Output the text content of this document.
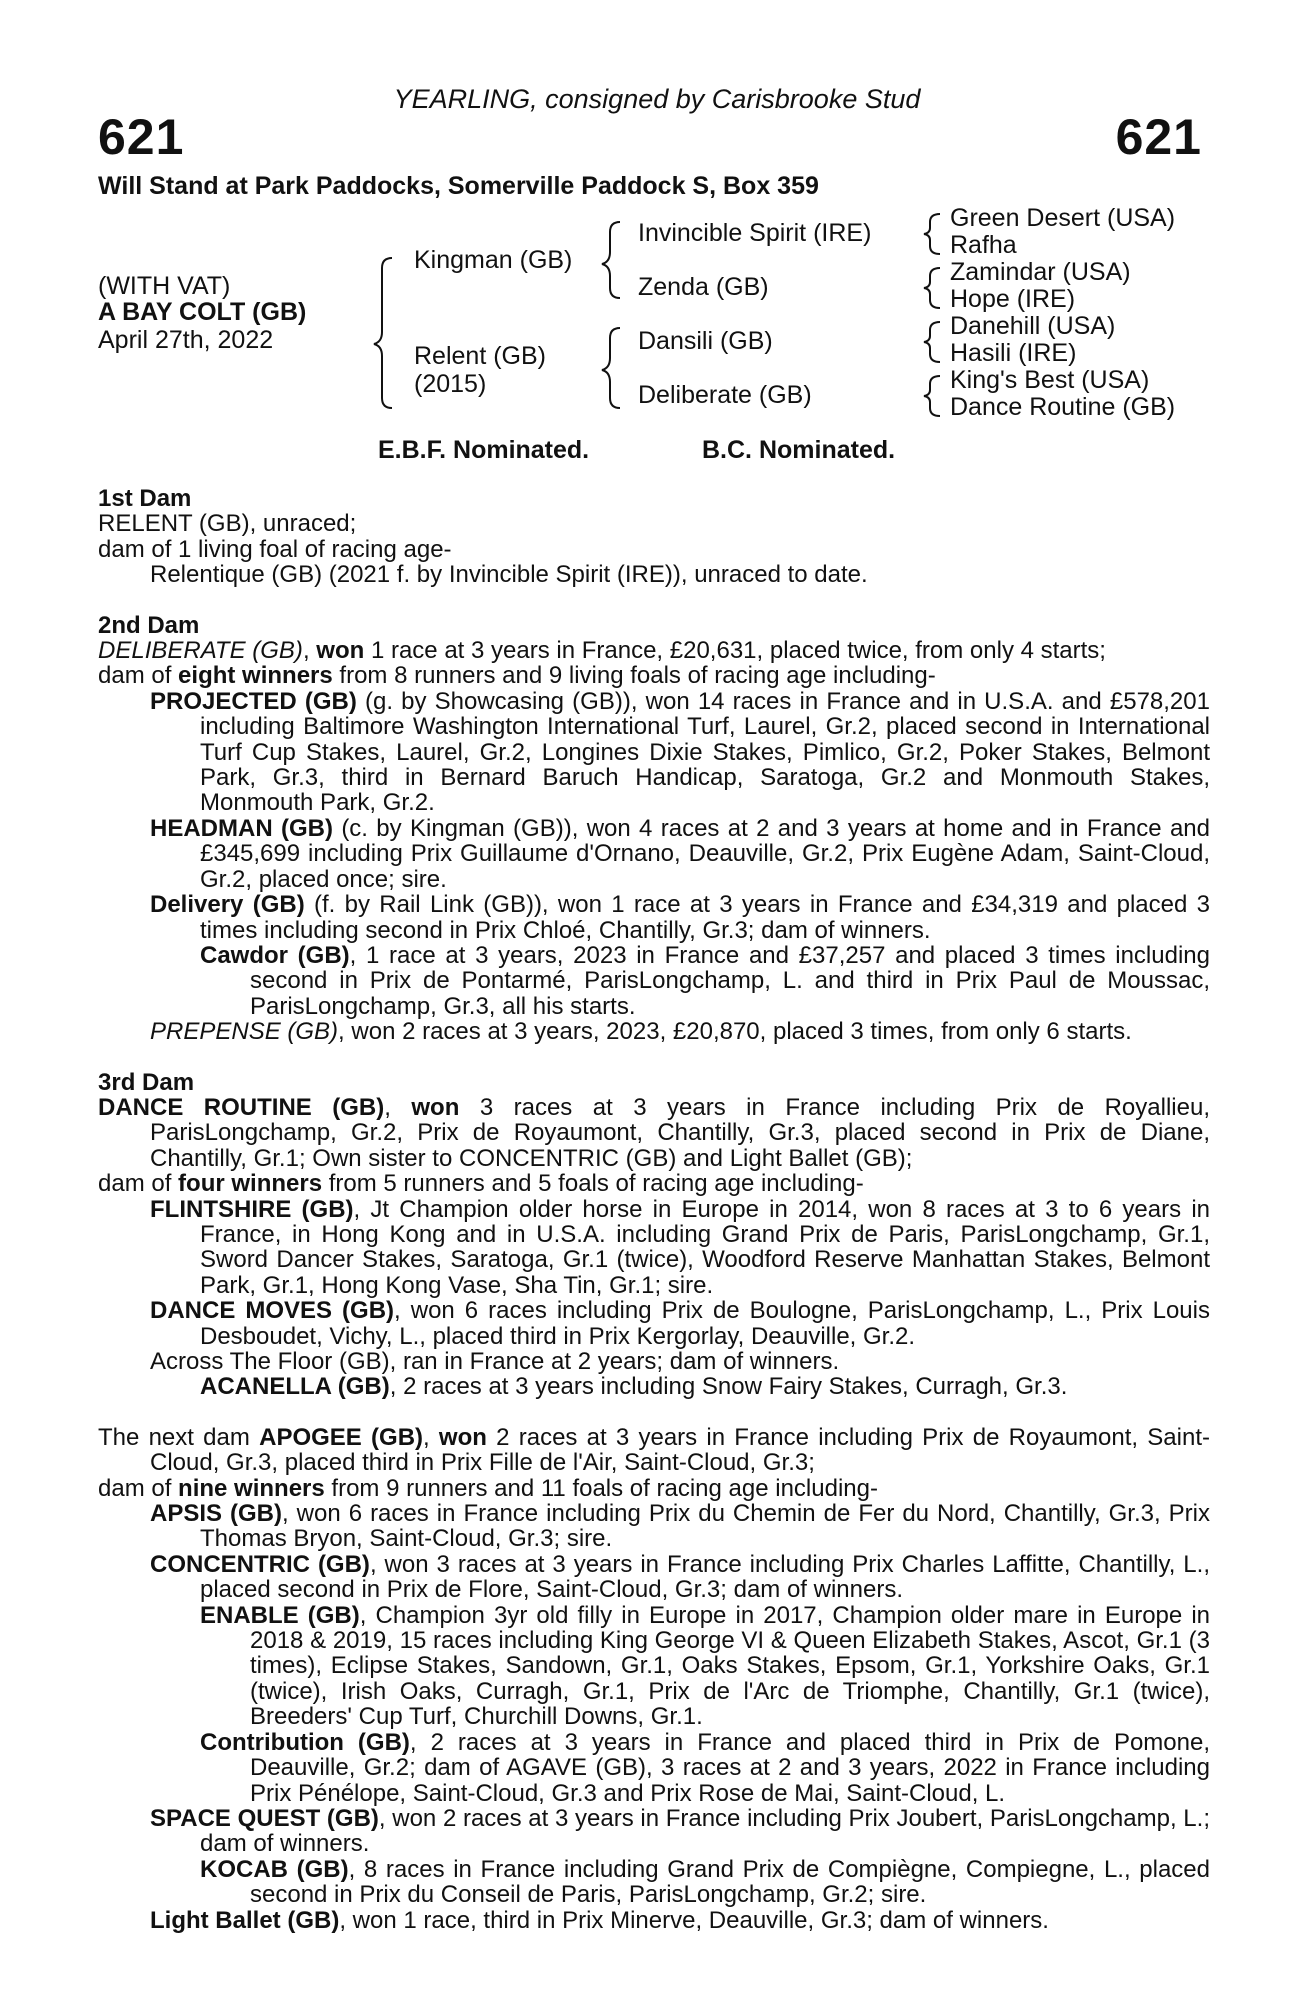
YEARLING, consigned by Carisbrooke Stud
621	621
Will Stand at Park Paddocks, Somerville Paddock S, Box 359
(WITH VAT)
A BAY COLT (GB)
April 27th, 2022
Kingman (GB)
Relent (GB)
(2015)
Invincible Spirit (IRE)
Zenda (GB)
Dansili (GB)
Deliberate (GB)
Green Desert (USA)
Rafha
Zamindar (USA)
Hope (IRE)
Danehill (USA)
Hasili (IRE)
King's Best (USA)
Dance Routine (GB)
E.B.F. Nominated.	B.C. Nominated.

1st Dam

RELENT (GB), unraced;

dam of 1 living foal of racing age-

Relentique (GB) (2021 f. by Invincible Spirit (IRE)), unraced to date.

2nd Dam

DELIBERATE (GB), won 1 race at 3 years in France, £20,631, placed twice, from only 4 starts;

dam of eight winners from 8 runners and 9 living foals of racing age including-

PROJECTED (GB) (g. by Showcasing (GB)), won 14 races in France and in U.S.A. and £578,201 including Baltimore Washington International Turf, Laurel, Gr.2, placed second in International Turf Cup Stakes, Laurel, Gr.2, Longines Dixie Stakes, Pimlico, Gr.2, Poker Stakes, Belmont Park, Gr.3, third in Bernard Baruch Handicap, Saratoga, Gr.2 and Monmouth Stakes, Monmouth Park, Gr.2.

HEADMAN (GB) (c. by Kingman (GB)), won 4 races at 2 and 3 years at home and in France and £345,699 including Prix Guillaume d'Ornano, Deauville, Gr.2, Prix Eugène Adam, Saint-Cloud, Gr.2, placed once; sire.

Delivery (GB) (f. by Rail Link (GB)), won 1 race at 3 years in France and £34,319 and placed 3 times including second in Prix Chloé, Chantilly, Gr.3; dam of winners.

Cawdor (GB), 1 race at 3 years, 2023 in France and £37,257 and placed 3 times including second in Prix de Pontarmé, ParisLongchamp, L. and third in Prix Paul de Moussac, ParisLongchamp, Gr.3, all his starts.

PREPENSE (GB), won 2 races at 3 years, 2023, £20,870, placed 3 times, from only 6 starts.

3rd Dam

DANCE ROUTINE (GB), won 3 races at 3 years in France including Prix de Royallieu, ParisLongchamp, Gr.2, Prix de Royaumont, Chantilly, Gr.3, placed second in Prix de Diane, Chantilly, Gr.1; Own sister to CONCENTRIC (GB) and Light Ballet (GB);

dam of four winners from 5 runners and 5 foals of racing age including-

FLINTSHIRE (GB), Jt Champion older horse in Europe in 2014, won 8 races at 3 to 6 years in France, in Hong Kong and in U.S.A. including Grand Prix de Paris, ParisLongchamp, Gr.1, Sword Dancer Stakes, Saratoga, Gr.1 (twice), Woodford Reserve Manhattan Stakes, Belmont Park, Gr.1, Hong Kong Vase, Sha Tin, Gr.1; sire.

DANCE MOVES (GB), won 6 races including Prix de Boulogne, ParisLongchamp, L., Prix Louis Desboudet, Vichy, L., placed third in Prix Kergorlay, Deauville, Gr.2.

Across The Floor (GB), ran in France at 2 years; dam of winners.

ACANELLA (GB), 2 races at 3 years including Snow Fairy Stakes, Curragh, Gr.3.

The next dam APOGEE (GB), won 2 races at 3 years in France including Prix de Royaumont, Saint-Cloud, Gr.3, placed third in Prix Fille de l'Air, Saint-Cloud, Gr.3;

dam of nine winners from 9 runners and 11 foals of racing age including-

APSIS (GB), won 6 races in France including Prix du Chemin de Fer du Nord, Chantilly, Gr.3, Prix Thomas Bryon, Saint-Cloud, Gr.3; sire.

CONCENTRIC (GB), won 3 races at 3 years in France including Prix Charles Laffitte, Chantilly, L., placed second in Prix de Flore, Saint-Cloud, Gr.3; dam of winners.

ENABLE (GB), Champion 3yr old filly in Europe in 2017, Champion older mare in Europe in 2018 & 2019, 15 races including King George VI & Queen Elizabeth Stakes, Ascot, Gr.1 (3 times), Eclipse Stakes, Sandown, Gr.1, Oaks Stakes, Epsom, Gr.1, Yorkshire Oaks, Gr.1 (twice), Irish Oaks, Curragh, Gr.1, Prix de l'Arc de Triomphe, Chantilly, Gr.1 (twice), Breeders' Cup Turf, Churchill Downs, Gr.1.

Contribution (GB), 2 races at 3 years in France and placed third in Prix de Pomone, Deauville, Gr.2; dam of AGAVE (GB), 3 races at 2 and 3 years, 2022 in France including Prix Pénélope, Saint-Cloud, Gr.3 and Prix Rose de Mai, Saint-Cloud, L.

SPACE QUEST (GB), won 2 races at 3 years in France including Prix Joubert, ParisLongchamp, L.; dam of winners.

KOCAB (GB), 8 races in France including Grand Prix de Compiègne, Compiegne, L., placed second in Prix du Conseil de Paris, ParisLongchamp, Gr.2; sire.

Light Ballet (GB), won 1 race, third in Prix Minerve, Deauville, Gr.3; dam of winners.
